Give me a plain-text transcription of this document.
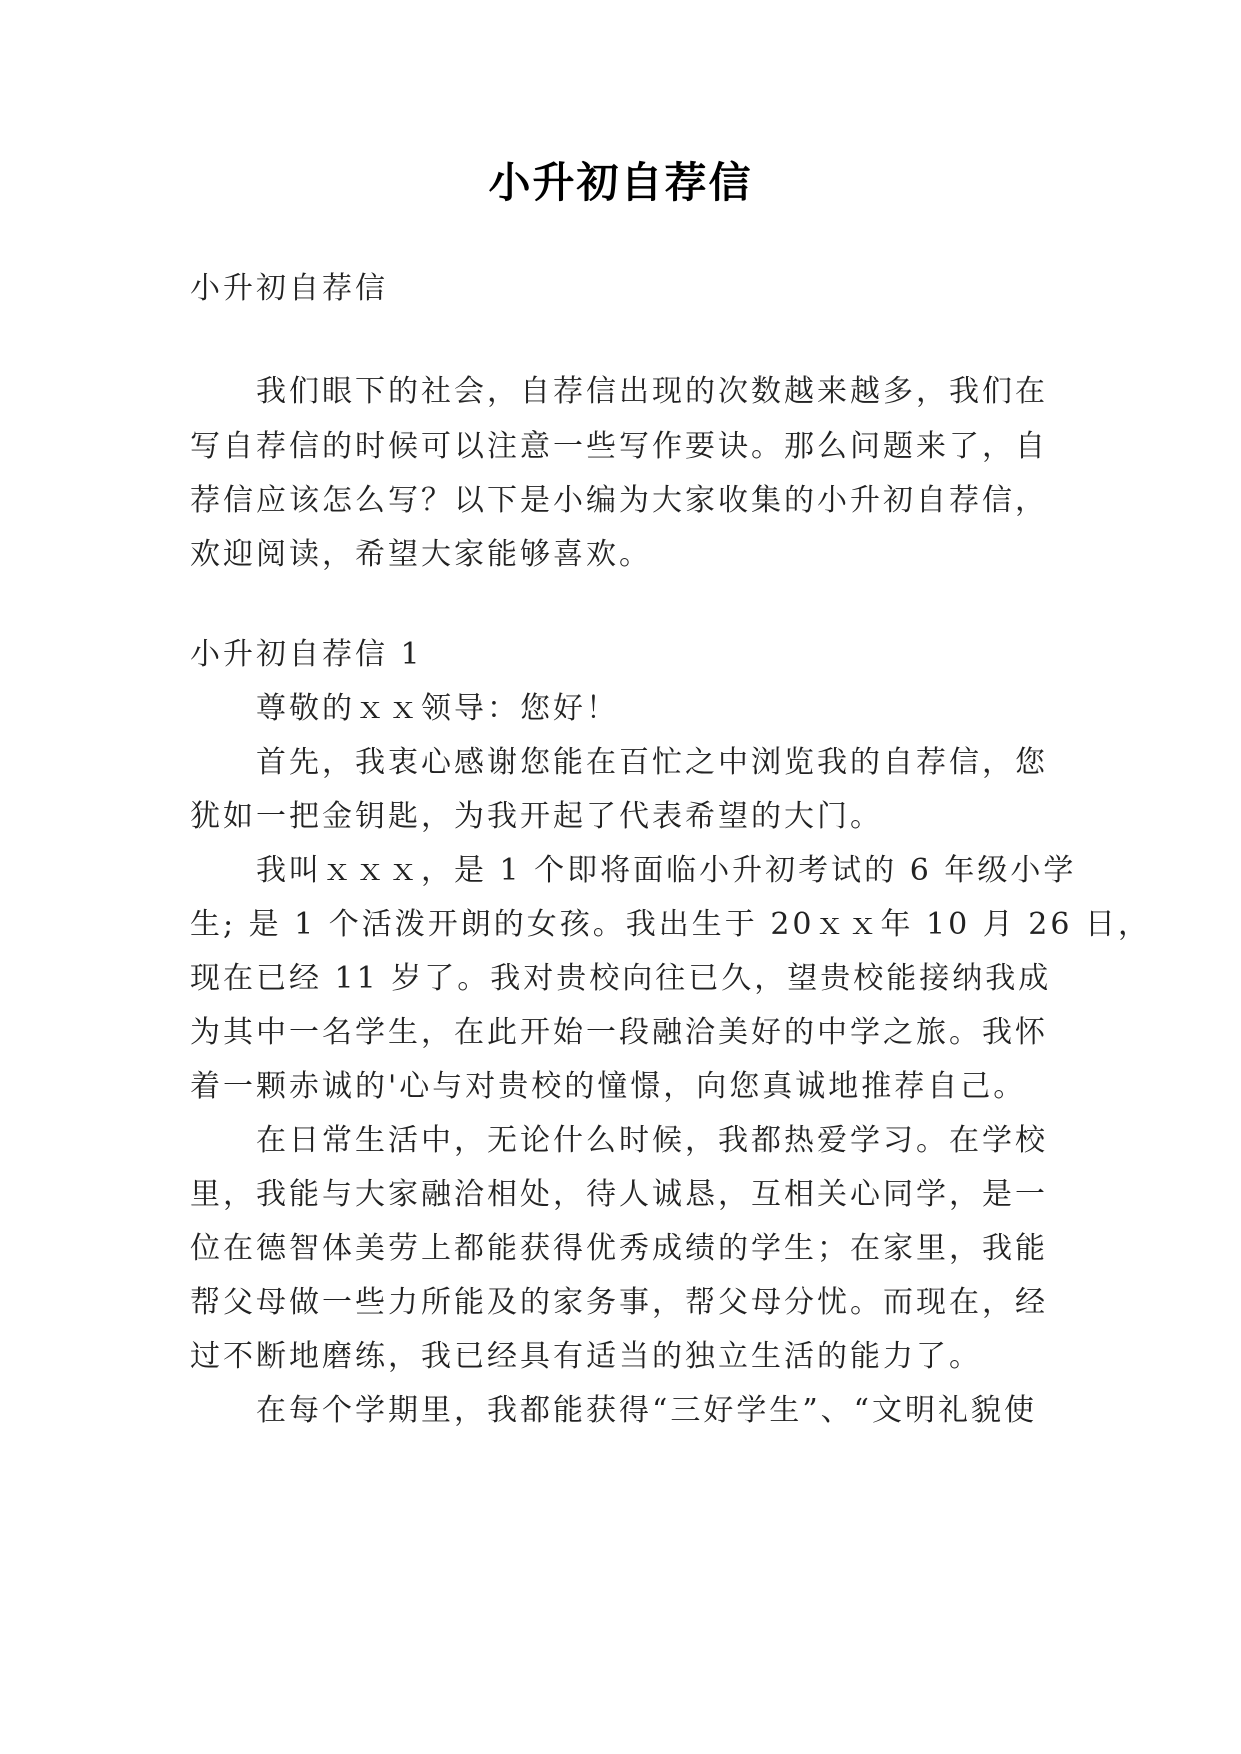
小升初自荐信
小升初自荐信
我们眼下的社会，自荐信出现的次数越来越多，我们在
写自荐信的时候可以注意一些写作要诀。那么问题来了，自
荐信应该怎么写？以下是小编为大家收集的小升初自荐信，
欢迎阅读，希望大家能够喜欢。
小升初自荐信 1
尊敬的ｘｘ领导：您好！
首先，我衷心感谢您能在百忙之中浏览我的自荐信，您
犹如一把金钥匙，为我开起了代表希望的大门。
我叫ｘｘｘ，是 1 个即将面临小升初考试的 6 年级小学
生; 是 1 个活泼开朗的女孩。我出生于 20ｘｘ年 10 月 26 日，
现在已经 11 岁了。我对贵校向往已久，望贵校能接纳我成
为其中一名学生，在此开始一段融洽美好的中学之旅。我怀
着一颗赤诚的'心与对贵校的憧憬，向您真诚地推荐自己。
在日常生活中，无论什么时候，我都热爱学习。在学校
里，我能与大家融洽相处，待人诚恳，互相关心同学，是一
位在德智体美劳上都能获得优秀成绩的学生；在家里，我能
帮父母做一些力所能及的家务事，帮父母分忧。而现在，经
过不断地磨练，我已经具有适当的独立生活的能力了。
在每个学期里，我都能获得“三好学生”、“文明礼貌使
